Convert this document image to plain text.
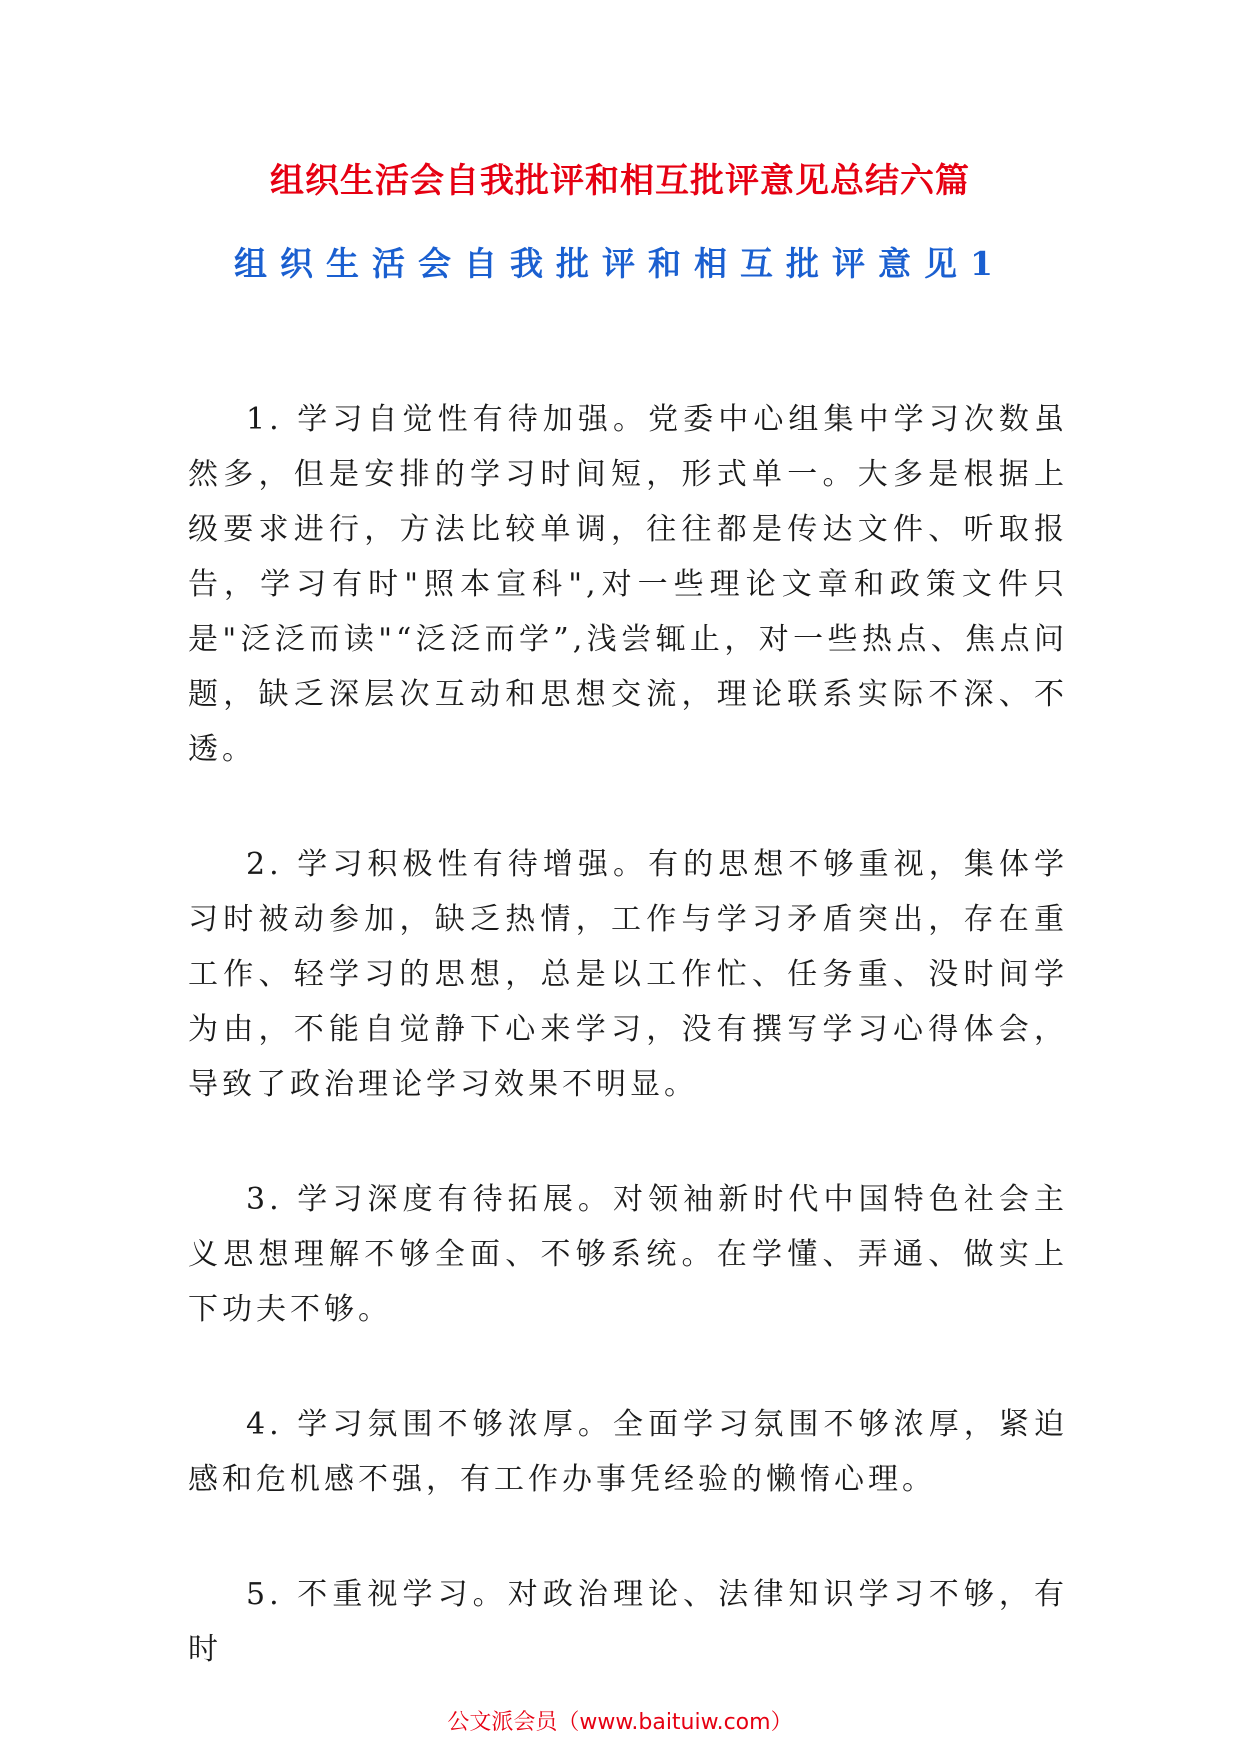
组织生活会自我批评和相互批评意见总结六篇
组织生活会自我批评和相互批评意见1

1. 学习自觉性有待加强。党委中心组集中学习次数虽然多，但是安排的学习时间短，形式单一。大多是根据上级要求进行，方法比较单调，往往都是传达文件、听取报告，学习有时"照本宣科",对一些理论文章和政策文件只是"泛泛而读"“泛泛而学”,浅尝辄止，对一些热点、焦点问题，缺乏深层次互动和思想交流，理论联系实际不深、不透。

2. 学习积极性有待增强。有的思想不够重视，集体学习时被动参加，缺乏热情，工作与学习矛盾突出，存在重工作、轻学习的思想，总是以工作忙、任务重、没时间学为由，不能自觉静下心来学习，没有撰写学习心得体会，导致了政治理论学习效果不明显。

3. 学习深度有待拓展。对领袖新时代中国特色社会主义思想理解不够全面、不够系统。在学懂、弄通、做实上下功夫不够。

4. 学习氛围不够浓厚。全面学习氛围不够浓厚，紧迫感和危机感不强，有工作办事凭经验的懒惰心理。

5. 不重视学习。对政治理论、法律知识学习不够，有时

公文派会员（www.baituiw.com）
